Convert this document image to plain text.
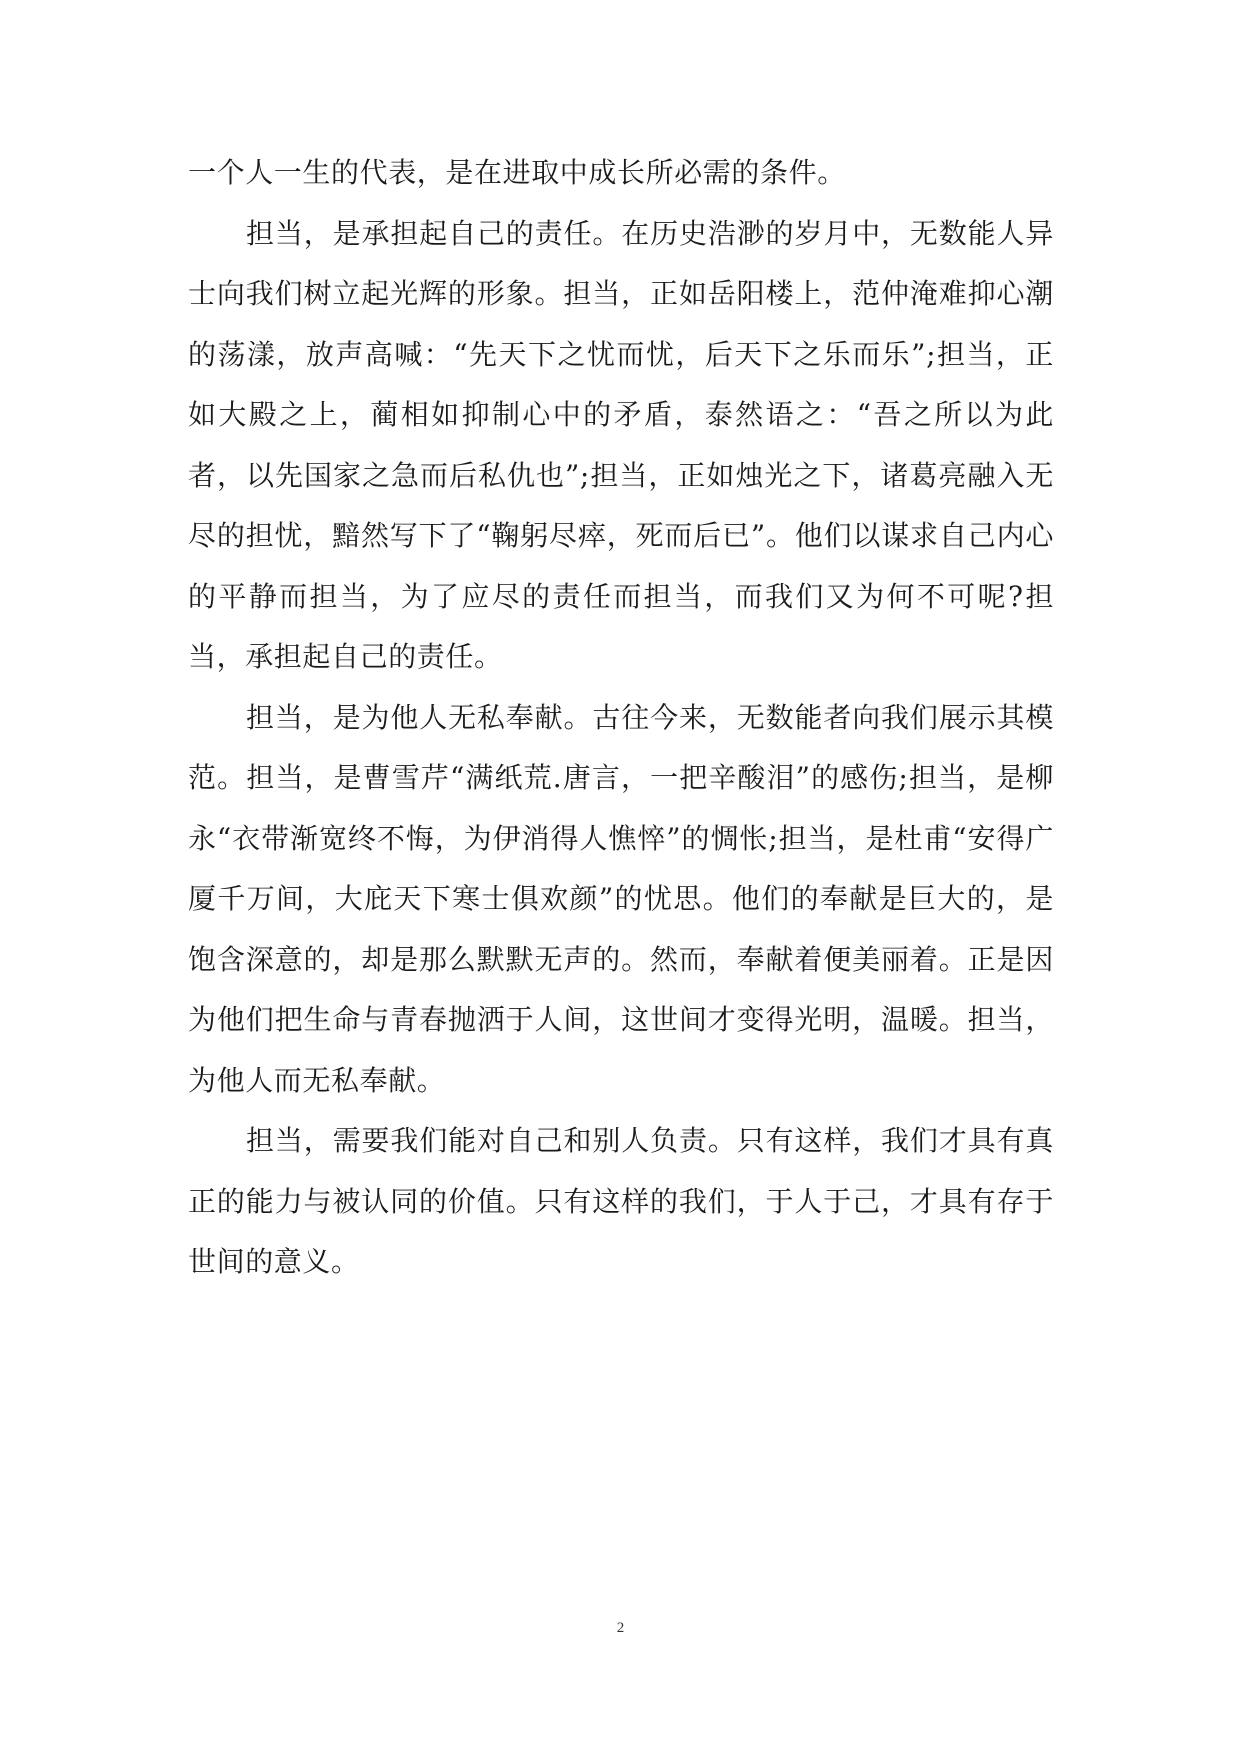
一个人一生的代表，是在进取中成长所必需的条件。

担当，是承担起自己的责任。在历史浩渺的岁月中，无数能人异士向我们树立起光辉的形象。担当，正如岳阳楼上，范仲淹难抑心潮的荡漾，放声高喊：“先天下之忧而忧，后天下之乐而乐”;担当，正如大殿之上，蔺相如抑制心中的矛盾，泰然语之：“吾之所以为此者，以先国家之急而后私仇也”;担当，正如烛光之下，诸葛亮融入无尽的担忧，黯然写下了“鞠躬尽瘁，死而后已”。他们以谋求自己内心的平静而担当，为了应尽的责任而担当，而我们又为何不可呢?担当，承担起自己的责任。

担当，是为他人无私奉献。古往今来，无数能者向我们展示其模范。担当，是曹雪芹“满纸荒.唐言，一把辛酸泪”的感伤;担当，是柳永“衣带渐宽终不悔，为伊消得人憔悴”的惆怅;担当，是杜甫“安得广厦千万间，大庇天下寒士俱欢颜”的忧思。他们的奉献是巨大的，是饱含深意的，却是那么默默无声的。然而，奉献着便美丽着。正是因为他们把生命与青春抛洒于人间，这世间才变得光明，温暖。担当，为他人而无私奉献。

担当，需要我们能对自己和别人负责。只有这样，我们才具有真正的能力与被认同的价值。只有这样的我们，于人于己，才具有存于世间的意义。

2
